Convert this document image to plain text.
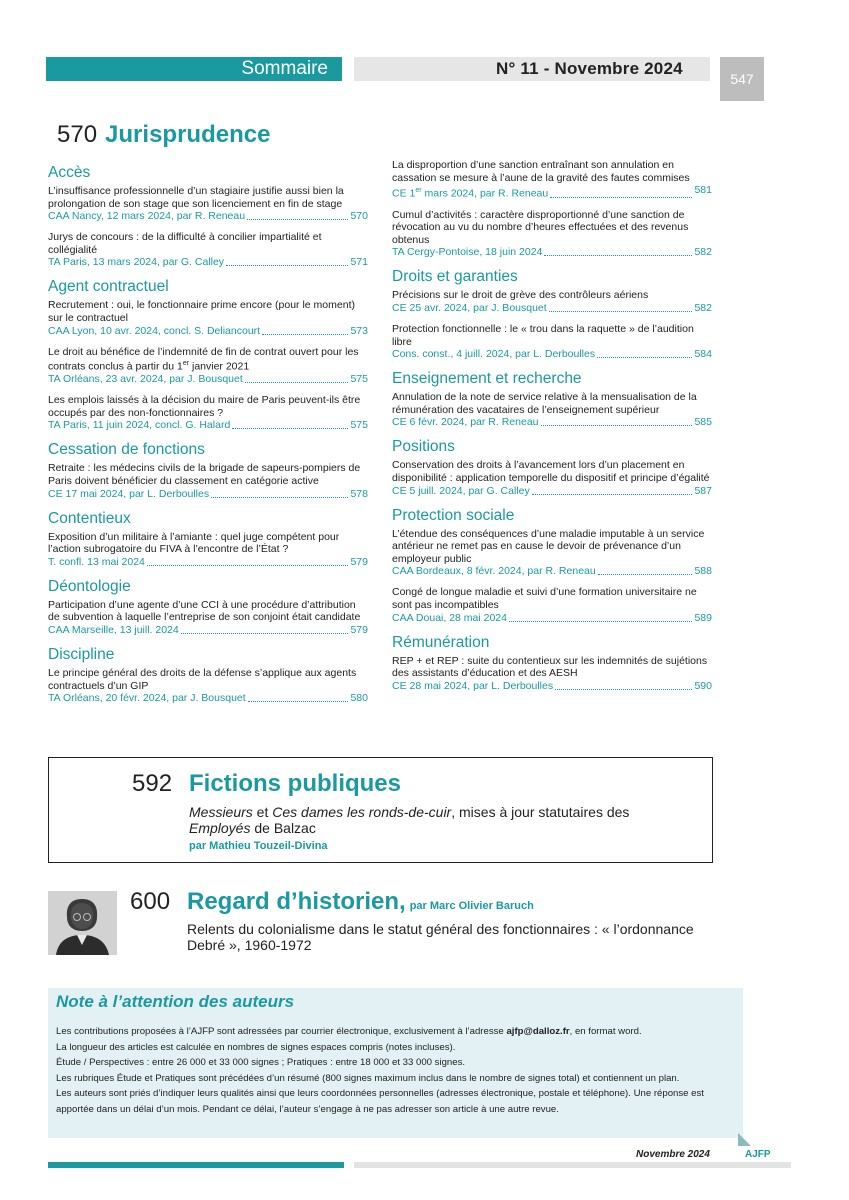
Sommaire	N° 11 - Novembre 2024
547
570 Jurisprudence
Accès
L’insuffisance professionnelle d’un stagiaire justifie aussi bien la prolongation de son stage que son licenciement en fin de stage
CAA Nancy, 12 mars 2024, par R. Reneau	570
Jurys de concours : de la difficulté à concilier impartialité et collégialité
TA Paris, 13 mars 2024, par G. Calley	571
Agent contractuel
Recrutement : oui, le fonctionnaire prime encore (pour le moment) sur le contractuel
CAA Lyon, 10 avr. 2024, concl. S. Deliancourt	573
Le droit au bénéfice de l’indemnité de fin de contrat ouvert pour les contrats conclus à partir du 1er janvier 2021
TA Orléans, 23 avr. 2024, par J. Bousquet	575
Les emplois laissés à la décision du maire de Paris peuvent-ils être occupés par des non-fonctionnaires ?
TA Paris, 11 juin 2024, concl. G. Halard	575
Cessation de fonctions
Retraite : les médecins civils de la brigade de sapeurs-pompiers de Paris doivent bénéficier du classement en catégorie active
CE 17 mai 2024, par L. Derboulles	578
Contentieux
Exposition d’un militaire à l’amiante : quel juge compétent pour l’action subrogatoire du FIVA à l’encontre de l’État ?
T. confl. 13 mai 2024	579
Déontologie
Participation d’une agente d’une CCI à une procédure d’attribution de subvention à laquelle l’entreprise de son conjoint était candidate
CAA Marseille, 13 juill. 2024	579
Discipline
Le principe général des droits de la défense s’applique aux agents contractuels d’un GIP
TA Orléans, 20 févr. 2024, par J. Bousquet	580
La disproportion d’une sanction entraînant son annulation en cassation se mesure à l’aune de la gravité des fautes commises
CE 1er mars 2024, par R. Reneau	581
Cumul d’activités : caractère disproportionné d’une sanction de révocation au vu du nombre d’heures effectuées et des revenus obtenus
TA Cergy-Pontoise, 18 juin 2024	582
Droits et garanties
Précisions sur le droit de grève des contrôleurs aériens
CE 25 avr. 2024, par J. Bousquet	582
Protection fonctionnelle : le « trou dans la raquette » de l’audition libre
Cons. const., 4 juill. 2024, par L. Derboulles	584
Enseignement et recherche
Annulation de la note de service relative à la mensualisation de la rémunération des vacataires de l’enseignement supérieur
CE 6 févr. 2024, par R. Reneau	585
Positions
Conservation des droits à l’avancement lors d’un placement en disponibilité : application temporelle du dispositif et principe d’égalité
CE 5 juill. 2024, par G. Calley	587
Protection sociale
L’étendue des conséquences d’une maladie imputable à un service antérieur ne remet pas en cause le devoir de prévenance d’un employeur public
CAA Bordeaux, 8 févr. 2024, par R. Reneau	588
Congé de longue maladie et suivi d’une formation universitaire ne sont pas incompatibles
CAA Douai, 28 mai 2024	589
Rémunération
REP + et REP : suite du contentieux sur les indemnités de sujétions des assistants d’éducation et des AESH
CE 28 mai 2024, par L. Derboulles	590
592 Fictions publiques
Messieurs et Ces dames les ronds-de-cuir, mises à jour statutaires des Employés de Balzac
par Mathieu Touzeil-Divina
600 Regard d’historien, par Marc Olivier Baruch
Relents du colonialisme dans le statut général des fonctionnaires : « l’ordonnance Debré », 1960-1972
Note à l’attention des auteurs
Les contributions proposées à l’AJFP sont adressées par courrier électronique, exclusivement à l’adresse ajfp@dalloz.fr, en format word.
La longueur des articles est calculée en nombres de signes espaces compris (notes incluses).
Étude / Perspectives : entre 26 000 et 33 000 signes ; Pratiques : entre 18 000 et 33 000 signes.
Les rubriques Étude et Pratiques sont précédées d’un résumé (800 signes maximum inclus dans le nombre de signes total) et contiennent un plan.
Les auteurs sont priés d’indiquer leurs qualités ainsi que leurs coordonnées personnelles (adresses électronique, postale et téléphone). Une réponse est apportée dans un délai d’un mois. Pendant ce délai, l’auteur s’engage à ne pas adresser son article à une autre revue.
Novembre 2024	AJFP
